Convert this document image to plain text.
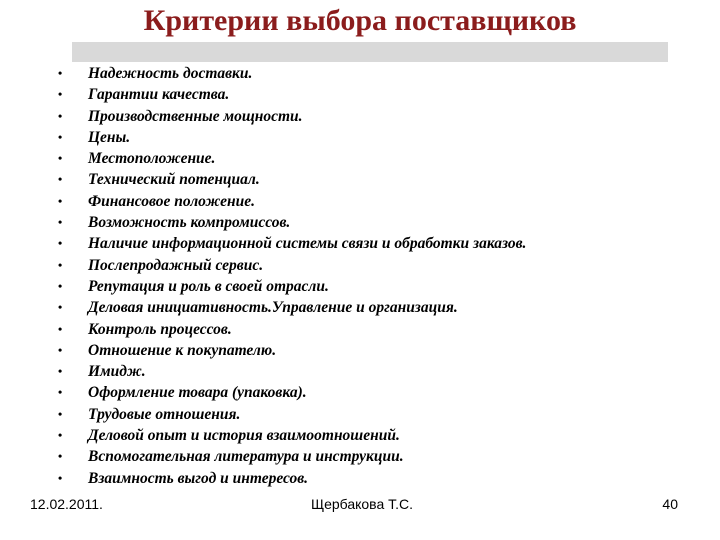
Критерии выбора поставщиков
• Надежность доставки.
• Гарантии качества.
• Производственные мощности.
• Цены.
• Местоположение.
• Технический потенциал.
• Финансовое положение.
• Возможность компромиссов.
• Наличие информационной системы связи и обработки заказов.
• Послепродажный сервис.
• Репутация и роль в своей отрасли.
• Деловая инициативность.Управление и организация.
• Контроль процессов.
• Отношение к покупателю.
• Имидж.
• Оформление товара (упаковка).
• Трудовые отношения.
• Деловой опыт и история взаимоотношений.
• Вспомогательная литература и инструкции.
• Взаимность выгод и интересов.
12.02.2011.	Щербакова Т.С.	40
